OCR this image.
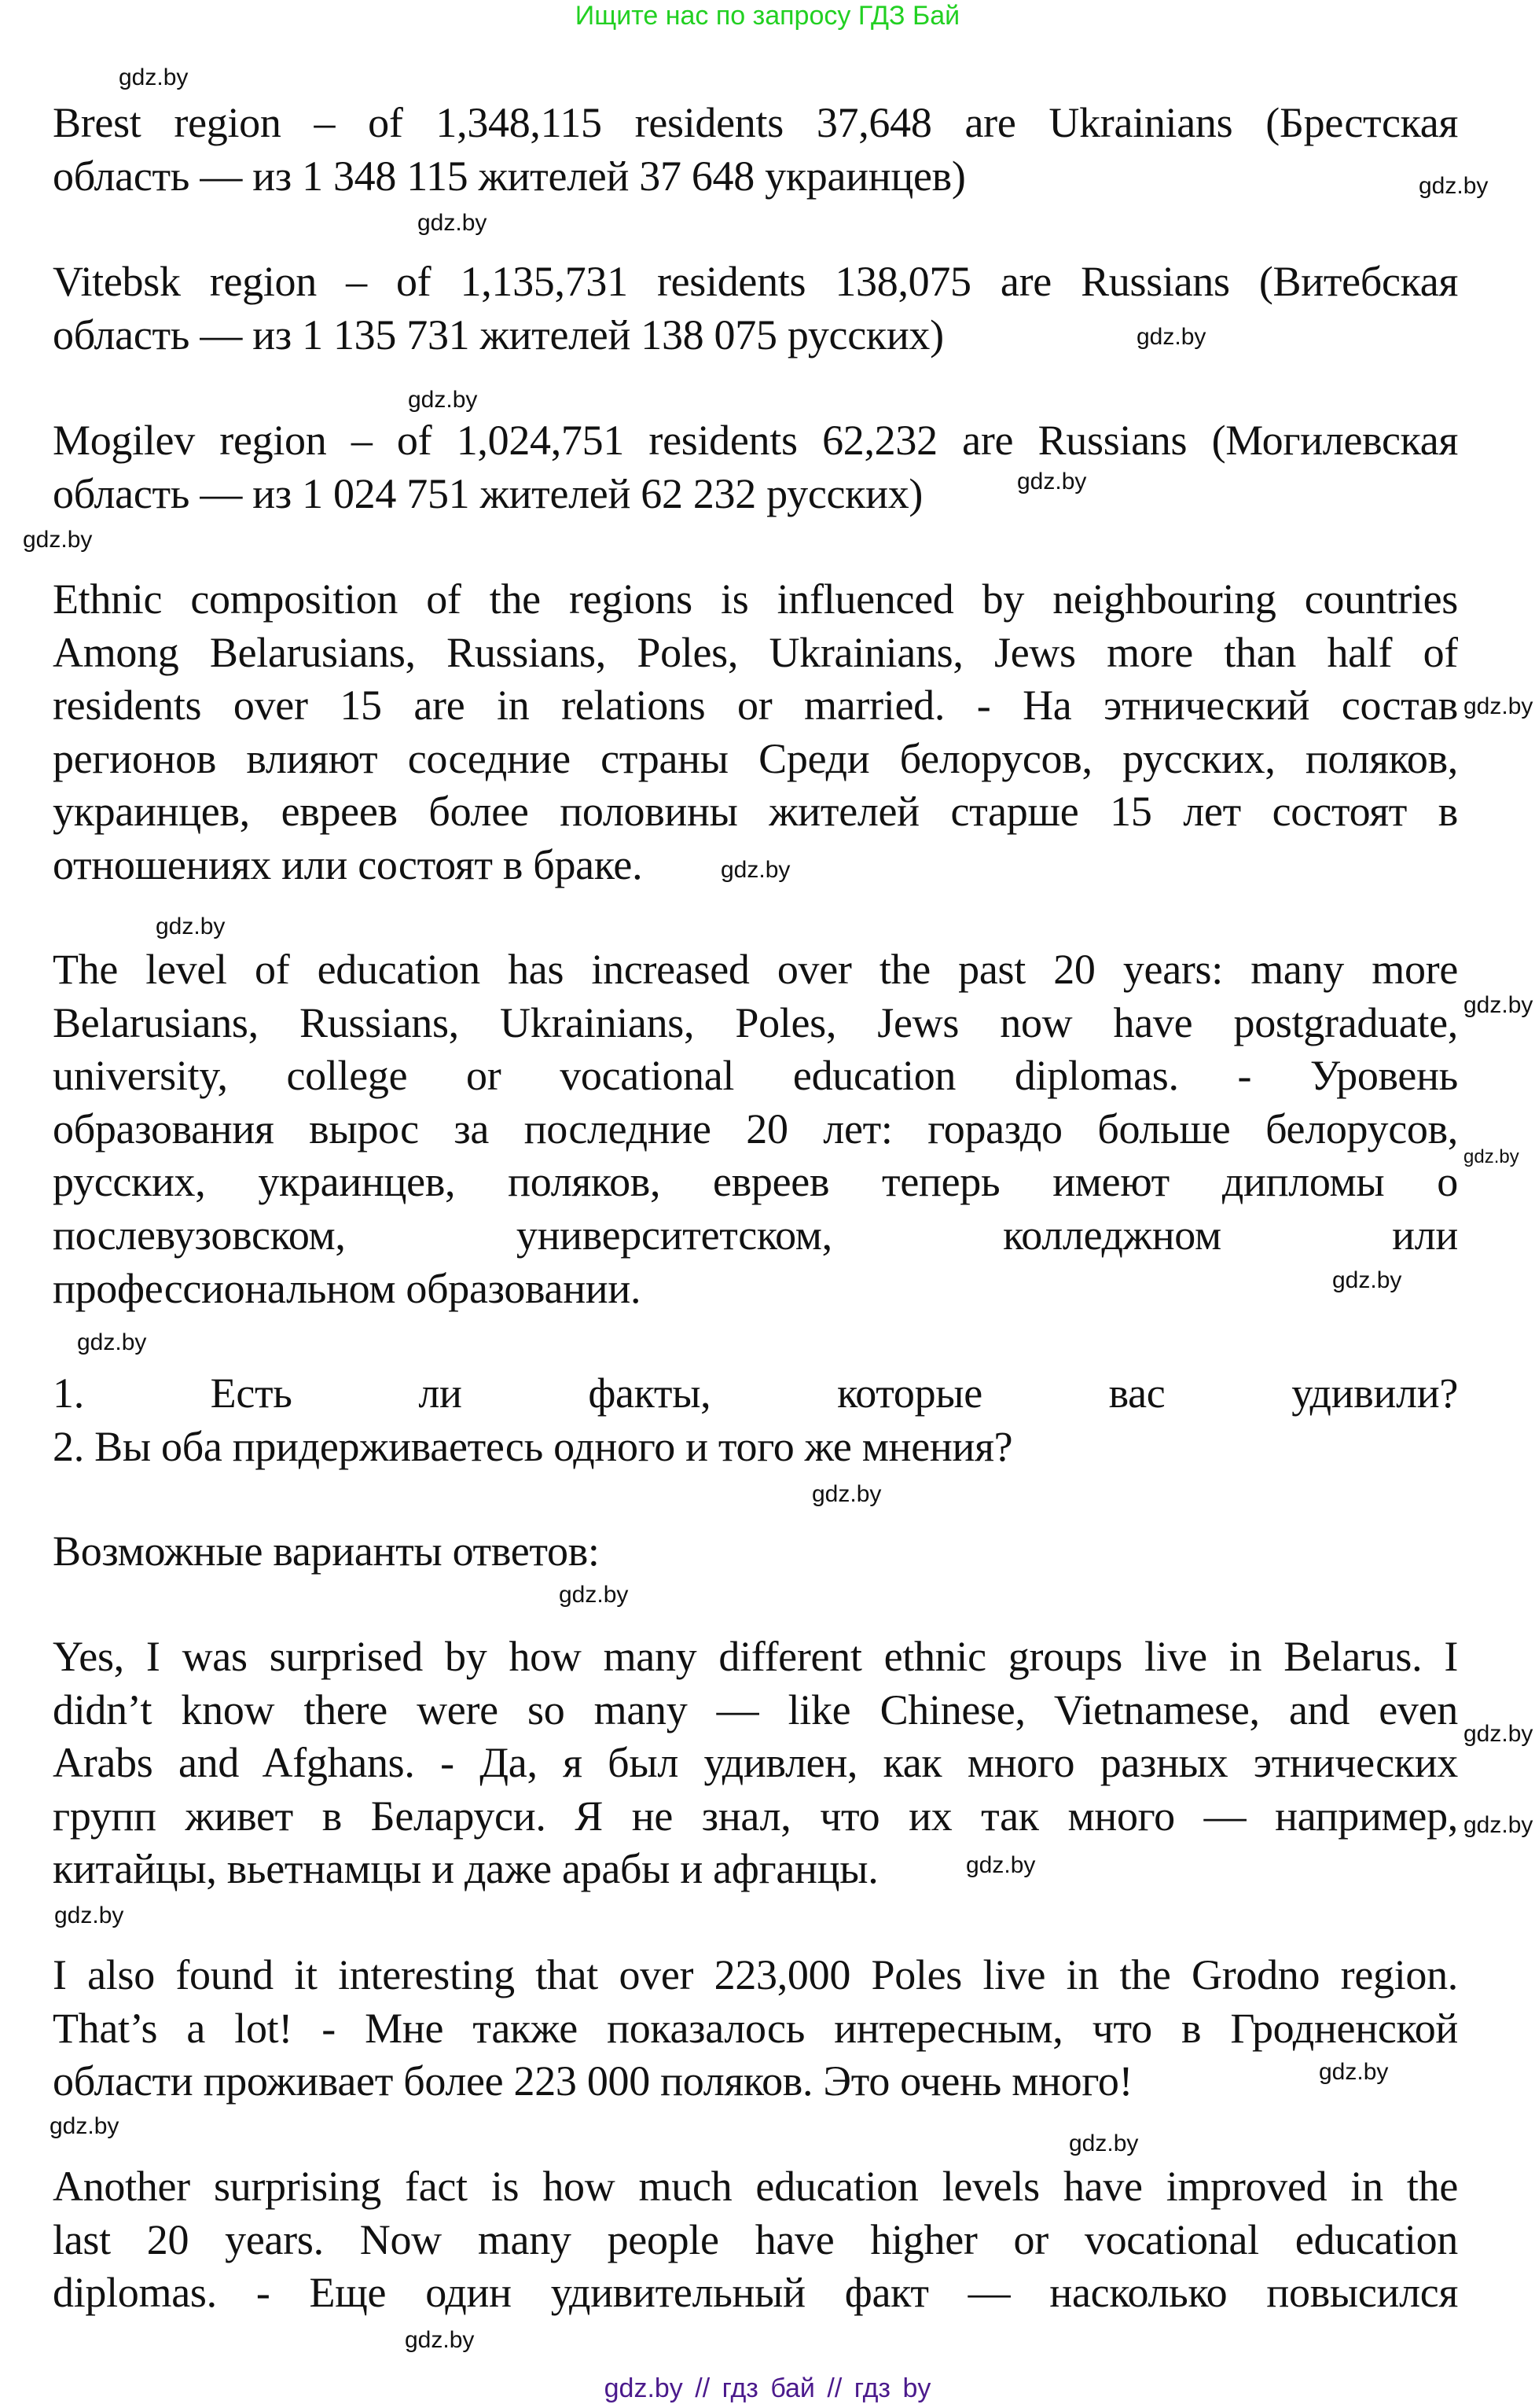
Ищите нас по запросу ГДЗ Бай
Brest region – of 1,348,115 residents 37,648 are Ukrainians (Брестская
область — из 1 348 115 жителей 37 648 украинцев)
Vitebsk region – of 1,135,731 residents 138,075 are Russians (Витебская
область — из 1 135 731 жителей 138 075 русских)
Mogilev region – of 1,024,751 residents 62,232 are Russians (Могилевская
область — из 1 024 751 жителей 62 232 русских)
Ethnic composition of the regions is influenced by neighbouring countries
Among Belarusians, Russians, Poles, Ukrainians, Jews more than half of
residents over 15 are in relations or married. - На этнический состав
регионов влияют соседние страны Среди белорусов, русских, поляков,
украинцев, евреев более половины жителей старше 15 лет состоят в
отношениях или состоят в браке.
The level of education has increased over the past 20 years: many more
Belarusians, Russians, Ukrainians, Poles, Jews now have postgraduate,
university, college or vocational education diplomas. - Уровень
образования вырос за последние 20 лет: гораздо больше белорусов,
русских, украинцев, поляков, евреев теперь имеют дипломы о
послевузовском, университетском, колледжном или
профессиональном образовании.
1. Есть ли факты, которые вас удивили?
2. Вы оба придерживаетесь одного и того же мнения?
Возможные варианты ответов:
Yes, I was surprised by how many different ethnic groups live in Belarus. I
didn’t know there were so many — like Chinese, Vietnamese, and even
Arabs and Afghans. - Да, я был удивлен, как много разных этнических
групп живет в Беларуси. Я не знал, что их так много — например,
китайцы, вьетнамцы и даже арабы и афганцы.
I also found it interesting that over 223,000 Poles live in the Grodno region.
That’s a lot! - Мне также показалось интересным, что в Гродненской
области проживает более 223 000 поляков. Это очень много!
Another surprising fact is how much education levels have improved in the
last 20 years. Now many people have higher or vocational education
diplomas. - Еще один удивительный факт — насколько повысился
gdz.by // гдз бай // гдз by
gdz.by
gdz.by
gdz.by
gdz.by
gdz.by
gdz.by
gdz.by
gdz.by
gdz.by
gdz.by
gdz.by
gdz.by
gdz.by
gdz.by
gdz.by
gdz.by
gdz.by
gdz.by
gdz.by
gdz.by
gdz.by
gdz.by
gdz.by
gdz.by
